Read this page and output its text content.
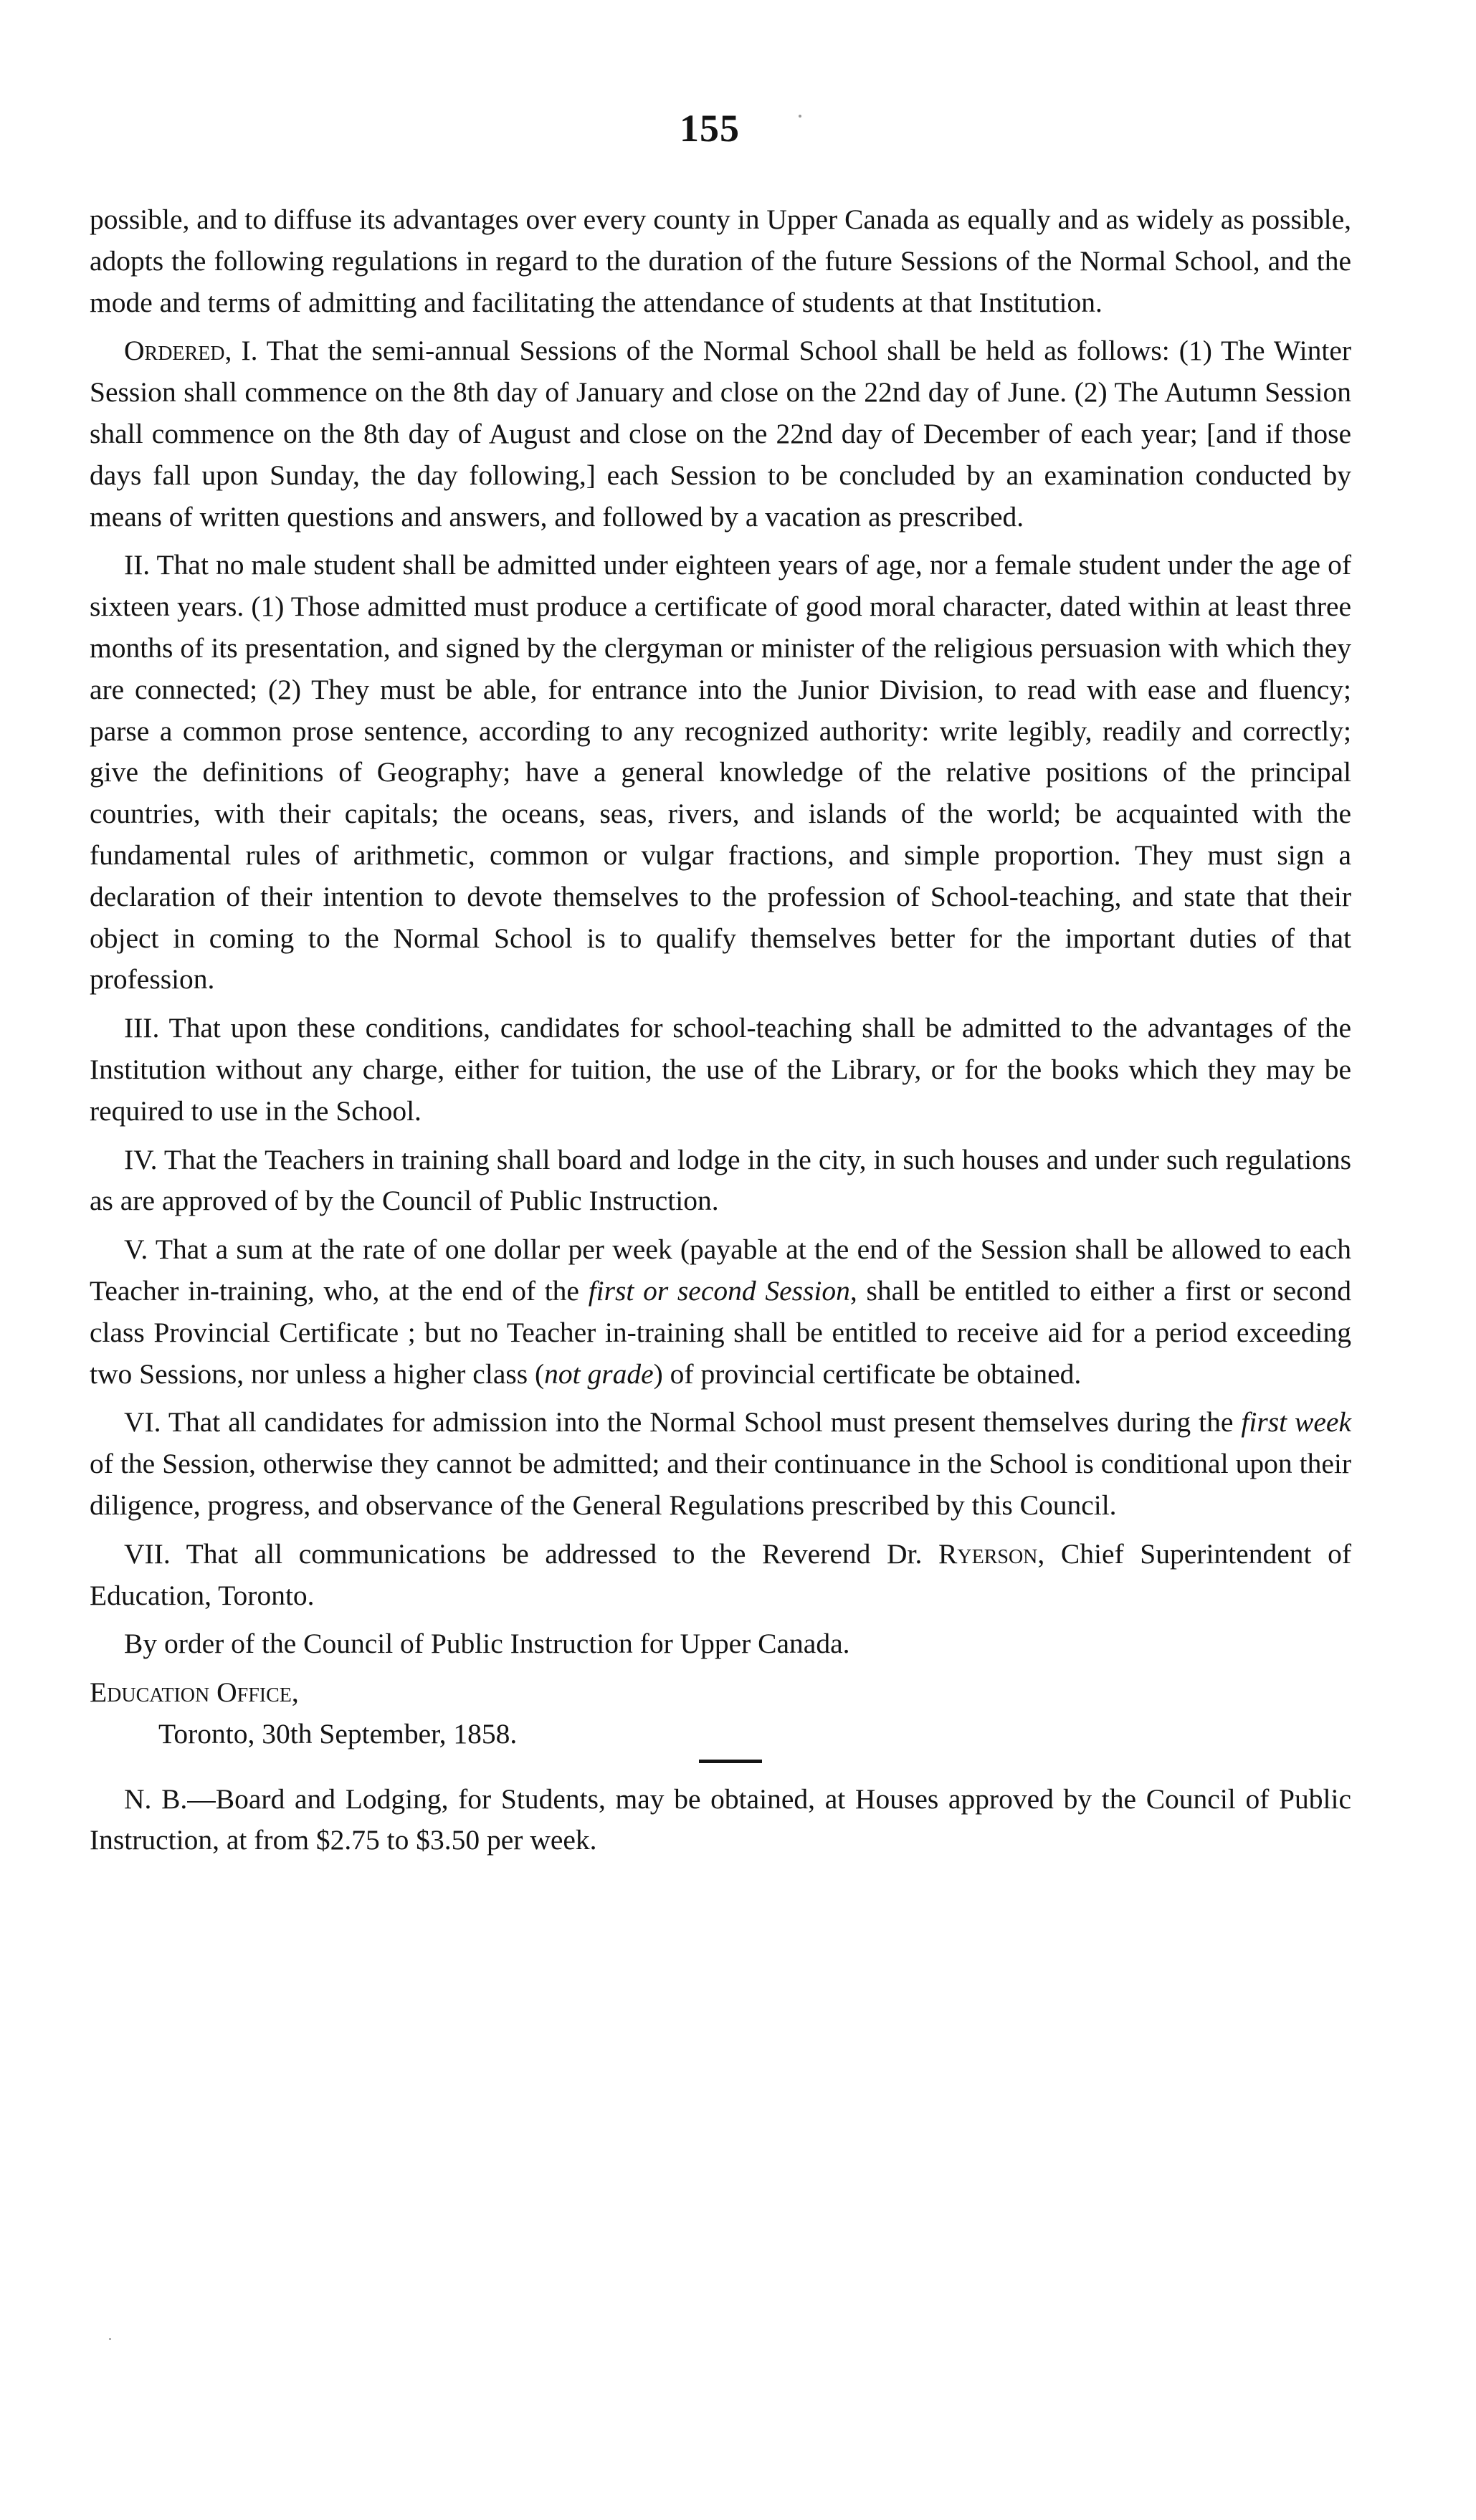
155

possible, and to diffuse its advantages over every county in Upper Canada as equally and as widely as possible, adopts the following regulations in regard to the duration of the future Sessions of the Normal School, and the mode and terms of admitting and facilitating the attendance of students at that Institution.

Ordered, I. That the semi-annual Sessions of the Normal School shall be held as follows: (1) The Winter Session shall commence on the 8th day of January and close on the 22nd day of June. (2) The Autumn Session shall commence on the 8th day of August and close on the 22nd day of December of each year; [and if those days fall upon Sunday, the day following,] each Session to be concluded by an examination conducted by means of written questions and answers, and followed by a vacation as prescribed.

II. That no male student shall be admitted under eighteen years of age, nor a female student under the age of sixteen years. (1) Those admitted must produce a certificate of good moral character, dated within at least three months of its presentation, and signed by the clergyman or minister of the religious persuasion with which they are connected; (2) They must be able, for entrance into the Junior Division, to read with ease and fluency; parse a common prose sentence, according to any recognized authority: write legibly, readily and correctly; give the definitions of Geography; have a general knowledge of the relative positions of the principal countries, with their capitals; the oceans, seas, rivers, and islands of the world; be acquainted with the fundamental rules of arithmetic, common or vulgar fractions, and simple proportion. They must sign a declaration of their intention to devote themselves to the profession of School-teaching, and state that their object in coming to the Normal School is to qualify themselves better for the important duties of that profession.

III. That upon these conditions, candidates for school-teaching shall be admitted to the advantages of the Institution without any charge, either for tuition, the use of the Library, or for the books which they may be required to use in the School.

IV. That the Teachers in training shall board and lodge in the city, in such houses and under such regulations as are approved of by the Council of Public Instruction.

V. That a sum at the rate of one dollar per week (payable at the end of the Session shall be allowed to each Teacher in-training, who, at the end of the first or second Session, shall be entitled to either a first or second class Provincial Certificate ; but no Teacher in-training shall be entitled to receive aid for a period exceeding two Sessions, nor unless a higher class (not grade) of provincial certificate be obtained.

VI. That all candidates for admission into the Normal School must present themselves during the first week of the Session, otherwise they cannot be admitted; and their continuance in the School is conditional upon their diligence, progress, and observance of the General Regulations prescribed by this Council.

VII. That all communications be addressed to the Reverend Dr. Ryerson, Chief Superintendent of Education, Toronto.

By order of the Council of Public Instruction for Upper Canada.

Education Office,

Toronto, 30th September, 1858.

N. B.—Board and Lodging, for Students, may be obtained, at Houses approved by the Council of Public Instruction, at from $2.75 to $3.50 per week.
